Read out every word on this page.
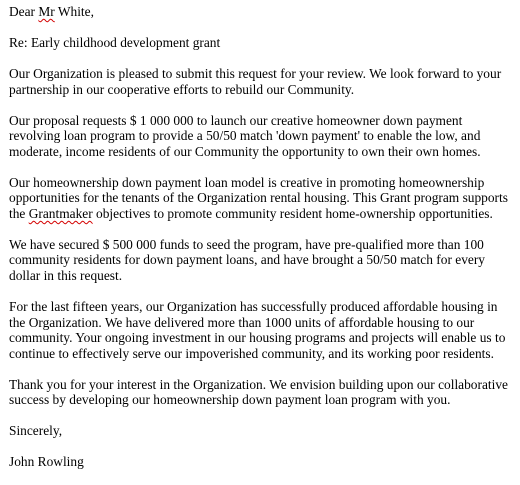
Dear Mr White,

Re: Early childhood development grant

Our Organization is pleased to submit this request for your review. We look forward to your
partnership in our cooperative efforts to rebuild our Community.

Our proposal requests $ 1 000 000 to launch our creative homeowner down payment
revolving loan program to provide a 50/50 match 'down payment' to enable the low, and
moderate, income residents of our Community the opportunity to own their own homes.

Our homeownership down payment loan model is creative in promoting homeownership
opportunities for the tenants of the Organization rental housing. This Grant program supports
the Grantmaker objectives to promote community resident home-ownership opportunities.

We have secured $ 500 000 funds to seed the program, have pre-qualified more than 100
community residents for down payment loans, and have brought a 50/50 match for every
dollar in this request.

For the last fifteen years, our Organization has successfully produced affordable housing in
the Organization. We have delivered more than 1000 units of affordable housing to our
community. Your ongoing investment in our housing programs and projects will enable us to
continue to effectively serve our impoverished community, and its working poor residents.

Thank you for your interest in the Organization. We envision building upon our collaborative
success by developing our homeownership down payment loan program with you.

Sincerely,

John Rowling
